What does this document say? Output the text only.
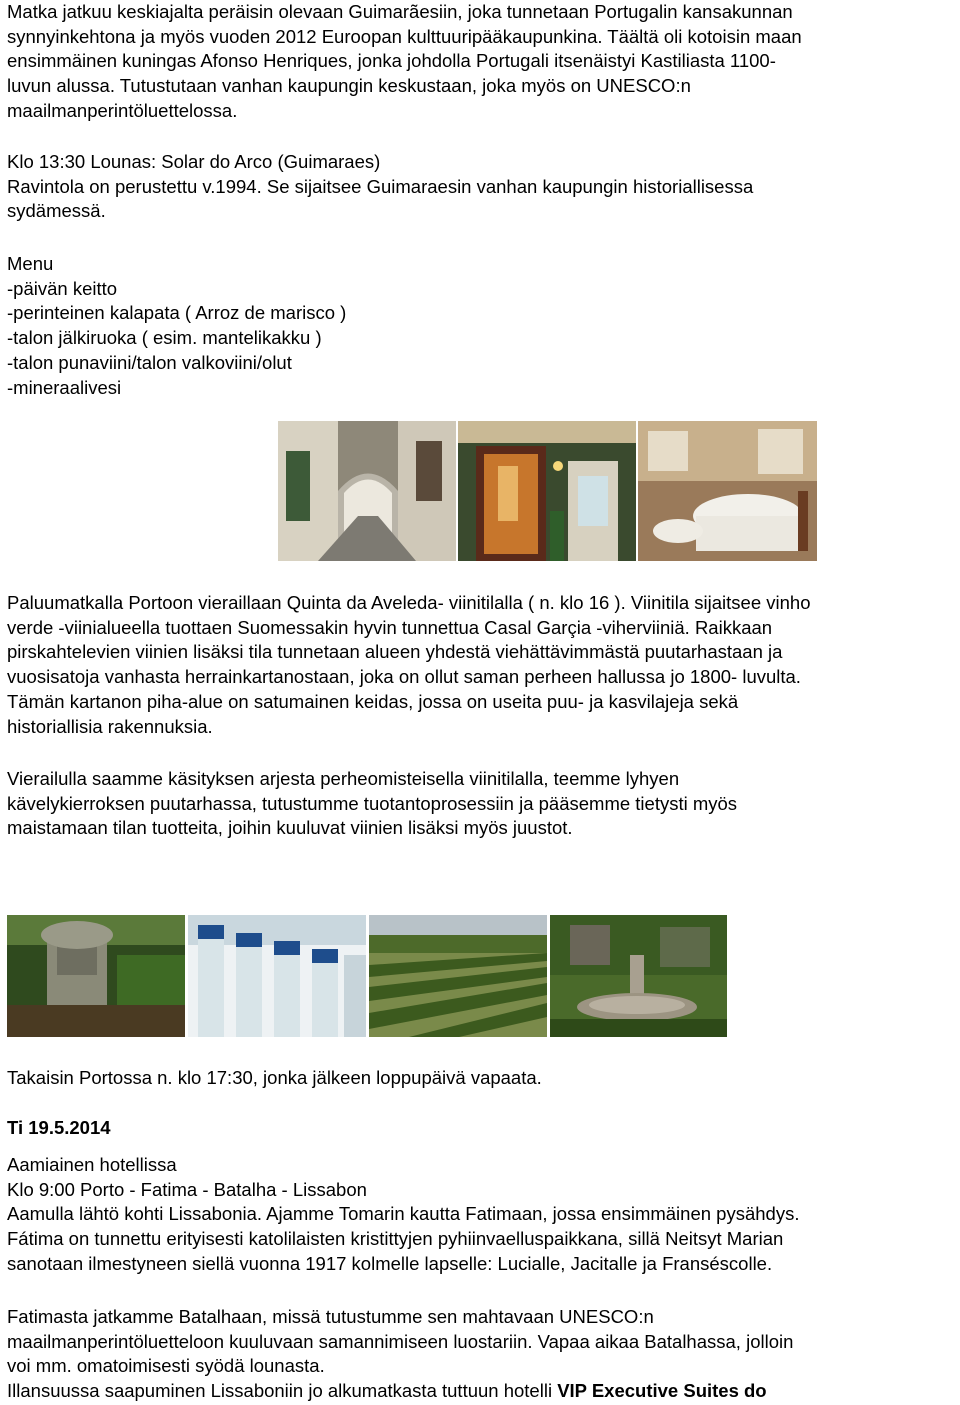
Matka jatkuu keskiajalta peräisin olevaan Guimarãesiin, joka tunnetaan Portugalin kansakunnan
synnyinkehtona ja myös vuoden 2012 Euroopan kulttuuripääkaupunkina. Täältä oli kotoisin maan
ensimmäinen kuningas Afonso Henriques, jonka johdolla Portugali itsenäistyi Kastiliasta 1100-
luvun alussa. Tutustutaan vanhan kaupungin keskustaan, joka myös on UNESCO:n
maailmanperintöluettelossa.
Klo 13:30 Lounas: Solar do Arco (Guimaraes)
Ravintola on perustettu v.1994. Se sijaitsee Guimaraesin vanhan kaupungin historiallisessa
sydämessä.
Menu
-päivän keitto
-perinteinen kalapata ( Arroz de marisco )
-talon jälkiruoka ( esim. mantelikakku )
-talon punaviini/talon valkoviini/olut
-mineraalivesi
Paluumatkalla Portoon vieraillaan Quinta da Aveleda- viinitilalla ( n. klo 16 ). Viinitila sijaitsee vinho
verde -viinialueella tuottaen Suomessakin hyvin tunnettua Casal Garçia -viherviiniä. Raikkaan
pirskahtelevien viinien lisäksi tila tunnetaan alueen yhdestä viehättävimmästä puutarhastaan ja
vuosisatoja vanhasta herrainkartanostaan, joka on ollut saman perheen hallussa jo 1800- luvulta.
Tämän kartanon piha-alue on satumainen keidas, jossa on useita puu- ja kasvilajeja sekä
historiallisia rakennuksia.
Vierailulla saamme käsityksen arjesta perheomisteisella viinitilalla, teemme lyhyen
kävelykierroksen puutarhassa, tutustumme tuotantoprosessiin ja pääsemme tietysti myös
maistamaan tilan tuotteita, joihin kuuluvat viinien lisäksi myös juustot.
Takaisin Portossa n. klo 17:30, jonka jälkeen loppupäivä vapaata.
Ti 19.5.2014
Aamiainen hotellissa
Klo 9:00 Porto - Fatima - Batalha - Lissabon
Aamulla lähtö kohti Lissabonia. Ajamme Tomarin kautta Fatimaan, jossa ensimmäinen pysähdys.
Fátima on tunnettu erityisesti katolilaisten kristittyjen pyhiinvaelluspaikkana, sillä Neitsyt Marian
sanotaan ilmestyneen siellä vuonna 1917 kolmelle lapselle: Lucialle, Jacitalle ja Franséscolle.
Fatimasta jatkamme Batalhaan, missä tutustumme sen mahtavaan UNESCO:n
maailmanperintöluetteloon kuuluvaan samannimiseen luostariin. Vapaa aikaa Batalhassa, jolloin
voi mm. omatoimisesti syödä lounasta.
Illansuussa saapuminen Lissaboniin jo alkumatkasta tuttuun hotelli VIP Executive Suites do
